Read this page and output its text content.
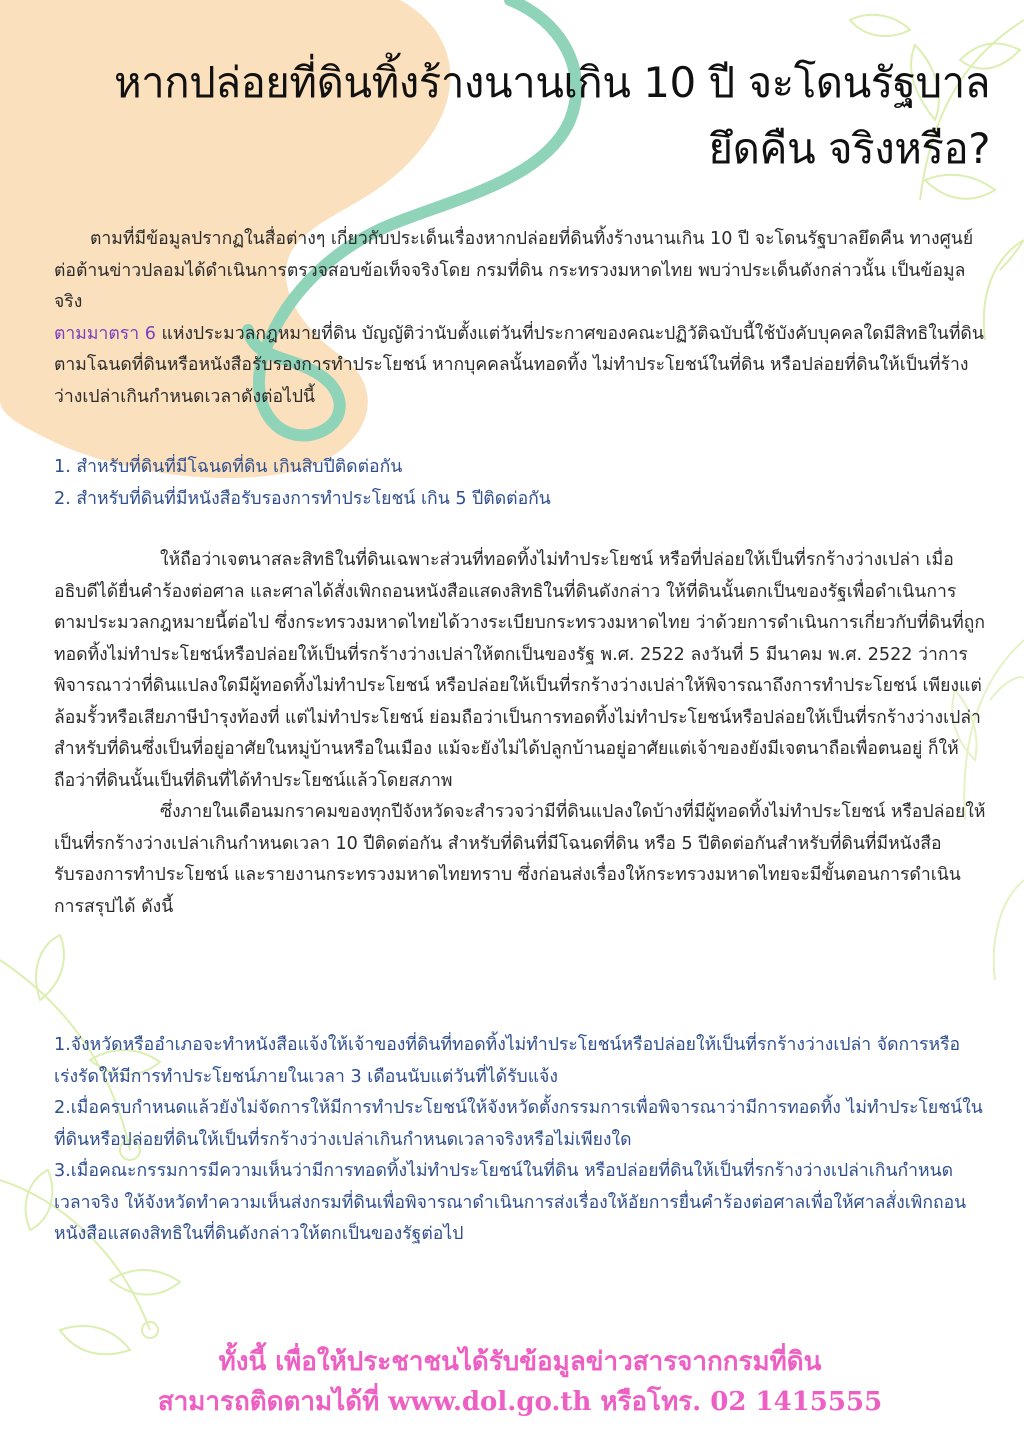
หากปล่อยที่ดินทิ้งร้างนานเกิน 10 ปี จะโดนรัฐบาล
ยึดคืน จริงหรือ?

ตามที่มีข้อมูลปรากฏในสื่อต่างๆ เกี่ยวกับประเด็นเรื่องหากปล่อยที่ดินทิ้งร้างนานเกิน 10 ปี จะโดนรัฐบาลยึดคืน ทางศูนย์ต่อต้านข่าวปลอมได้ดำเนินการตรวจสอบข้อเท็จจริงโดย กรมที่ดิน กระทรวงมหาดไทย พบว่าประเด็นดังกล่าวนั้น เป็นข้อมูลจริง

ตามมาตรา 6 แห่งประมวลกฎหมายที่ดิน บัญญัติว่านับตั้งแต่วันที่ประกาศของคณะปฏิวัติฉบับนี้ใช้บังคับบุคคลใดมีสิทธิในที่ดินตามโฉนดที่ดินหรือหนังสือรับรองการทำประโยชน์ หากบุคคลนั้นทอดทิ้ง ไม่ทำประโยชน์ในที่ดิน หรือปล่อยที่ดินให้เป็นที่ร้างว่างเปล่าเกินกำหนดเวลาดังต่อไปนี้

1. สำหรับที่ดินที่มีโฉนดที่ดิน เกินสิบปีติดต่อกัน

2. สำหรับที่ดินที่มีหนังสือรับรองการทำประโยชน์ เกิน 5 ปีติดต่อกัน

ให้ถือว่าเจตนาสละสิทธิในที่ดินเฉพาะส่วนที่ทอดทิ้งไม่ทำประโยชน์ หรือที่ปล่อยให้เป็นที่รกร้างว่างเปล่า เมื่ออธิบดีได้ยื่นคำร้องต่อศาล และศาลได้สั่งเพิกถอนหนังสือแสดงสิทธิในที่ดินดังกล่าว ให้ที่ดินนั้นตกเป็นของรัฐเพื่อดำเนินการตามประมวลกฎหมายนี้ต่อไป ซึ่งกระทรวงมหาดไทยได้วางระเบียบกระทรวงมหาดไทย ว่าด้วยการดำเนินการเกี่ยวกับที่ดินที่ถูกทอดทิ้งไม่ทำประโยชน์หรือปล่อยให้เป็นที่รกร้างว่างเปล่าให้ตกเป็นของรัฐ พ.ศ. 2522 ลงวันที่ 5 มีนาคม พ.ศ. 2522 ว่าการพิจารณาว่าที่ดินแปลงใดมีผู้ทอดทิ้งไม่ทำประโยชน์ หรือปล่อยให้เป็นที่รกร้างว่างเปล่าให้พิจารณาถึงการทำประโยชน์ เพียงแต่ล้อมรั้วหรือเสียภาษีบำรุงท้องที่ แต่ไม่ทำประโยชน์ ย่อมถือว่าเป็นการทอดทิ้งไม่ทำประโยชน์หรือปล่อยให้เป็นที่รกร้างว่างเปล่า สำหรับที่ดินซึ่งเป็นที่อยู่อาศัยในหมู่บ้านหรือในเมือง แม้จะยังไม่ได้ปลูกบ้านอยู่อาศัยแต่เจ้าของยังมีเจตนาถือเพื่อตนอยู่ ก็ให้ถือว่าที่ดินนั้นเป็นที่ดินที่ได้ทำประโยชน์แล้วโดยสภาพ

ซึ่งภายในเดือนมกราคมของทุกปีจังหวัดจะสำรวจว่ามีที่ดินแปลงใดบ้างที่มีผู้ทอดทิ้งไม่ทำประโยชน์ หรือปล่อยให้เป็นที่รกร้างว่างเปล่าเกินกำหนดเวลา 10 ปีติดต่อกัน สำหรับที่ดินที่มีโฉนดที่ดิน หรือ 5 ปีติดต่อกันสำหรับที่ดินที่มีหนังสือรับรองการทำประโยชน์ และรายงานกระทรวงมหาดไทยทราบ ซึ่งก่อนส่งเรื่องให้กระทรวงมหาดไทยจะมีขั้นตอนการดำเนินการสรุปได้ ดังนี้

1.จังหวัดหรืออำเภอจะทำหนังสือแจ้งให้เจ้าของที่ดินที่ทอดทิ้งไม่ทำประโยชน์หรือปล่อยให้เป็นที่รกร้างว่างเปล่า จัดการหรือเร่งรัดให้มีการทำประโยชน์ภายในเวลา 3 เดือนนับแต่วันที่ได้รับแจ้ง

2.เมื่อครบกำหนดแล้วยังไม่จัดการให้มีการทำประโยชน์ให้จังหวัดตั้งกรรมการเพื่อพิจารณาว่ามีการทอดทิ้ง ไม่ทำประโยชน์ในที่ดินหรือปล่อยที่ดินให้เป็นที่รกร้างว่างเปล่าเกินกำหนดเวลาจริงหรือไม่เพียงใด

3.เมื่อคณะกรรมการมีความเห็นว่ามีการทอดทิ้งไม่ทำประโยชน์ในที่ดิน หรือปล่อยที่ดินให้เป็นที่รกร้างว่างเปล่าเกินกำหนดเวลาจริง ให้จังหวัดทำความเห็นส่งกรมที่ดินเพื่อพิจารณาดำเนินการส่งเรื่องให้อัยการยื่นคำร้องต่อศาลเพื่อให้ศาลสั่งเพิกถอนหนังสือแสดงสิทธิในที่ดินดังกล่าวให้ตกเป็นของรัฐต่อไป

ทั้งนี้ เพื่อให้ประชาชนได้รับข้อมูลข่าวสารจากกรมที่ดิน
สามารถติดตามได้ที่ www.dol.go.th หรือโทร. 02 1415555
